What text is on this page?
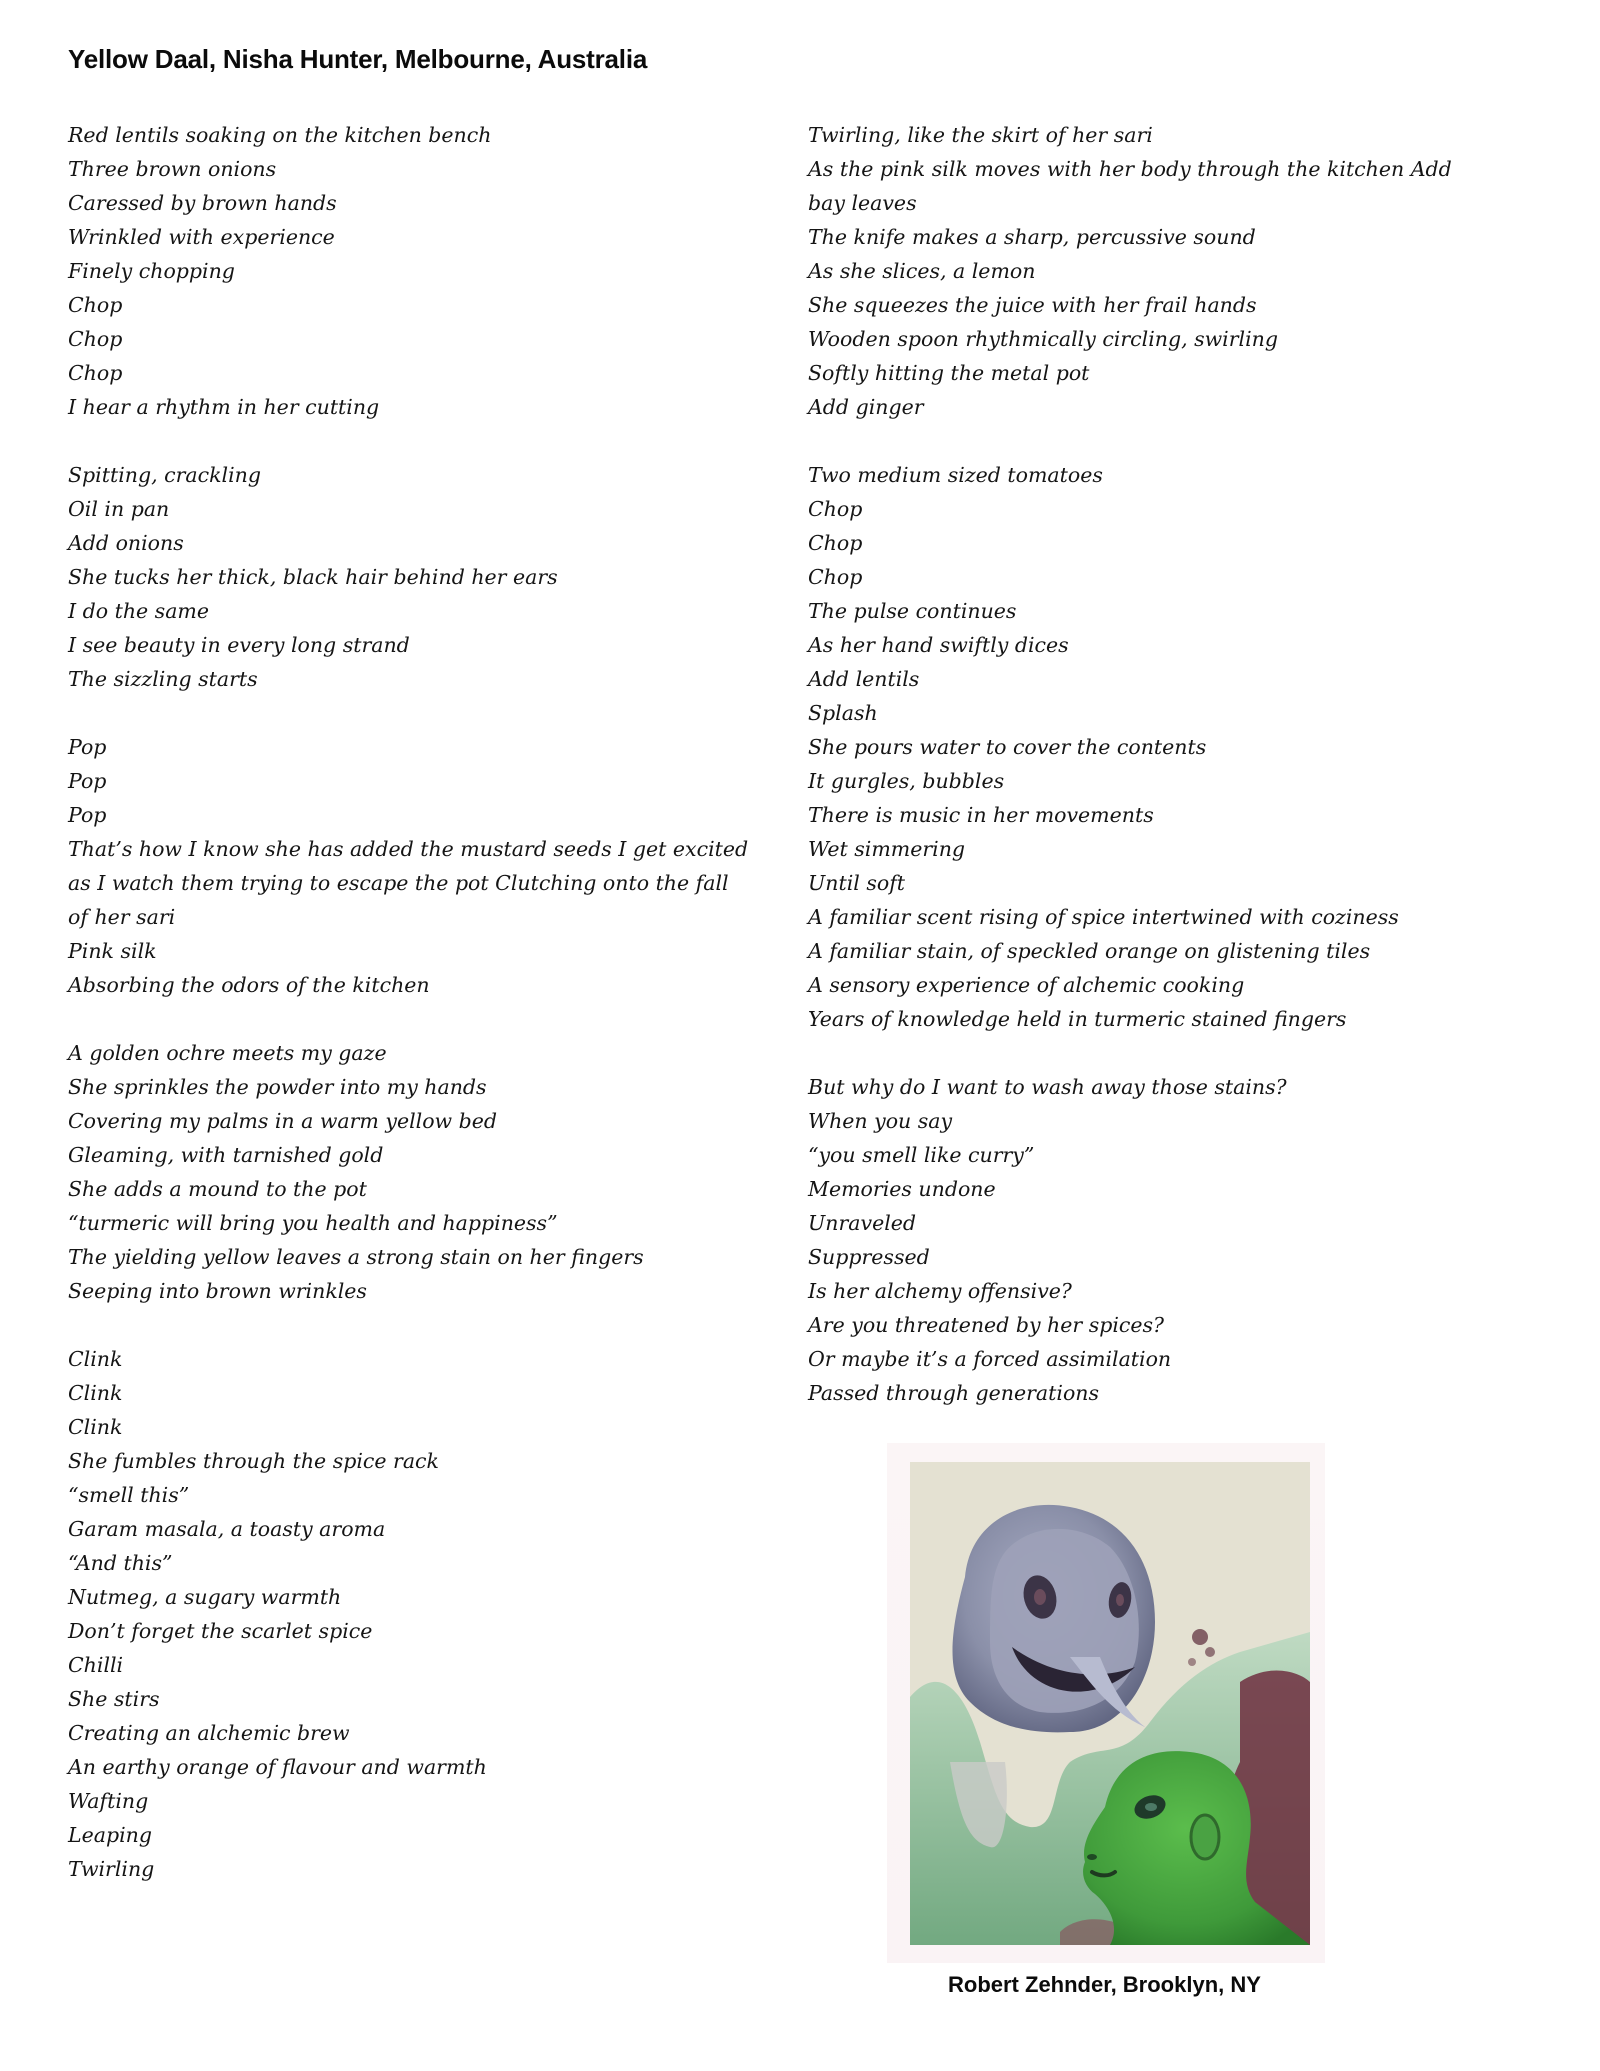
Yellow Daal, Nisha Hunter, Melbourne, Australia
Red lentils soaking on the kitchen bench
Three brown onions
Caressed by brown hands
Wrinkled with experience
Finely chopping
Chop
Chop
Chop
I hear a rhythm in her cutting
Spitting, crackling
Oil in pan
Add onions
She tucks her thick, black hair behind her ears
I do the same
I see beauty in every long strand
The sizzling starts
Pop
Pop
Pop
That’s how I know she has added the mustard seeds I get excited
as I watch them trying to escape the pot Clutching onto the fall
of her sari
Pink silk
Absorbing the odors of the kitchen
A golden ochre meets my gaze
She sprinkles the powder into my hands
Covering my palms in a warm yellow bed
Gleaming, with tarnished gold
She adds a mound to the pot
“turmeric will bring you health and happiness”
The yielding yellow leaves a strong stain on her fingers
Seeping into brown wrinkles
Clink
Clink
Clink
She fumbles through the spice rack
“smell this”
Garam masala, a toasty aroma
“And this”
Nutmeg, a sugary warmth
Don’t forget the scarlet spice
Chilli
She stirs
Creating an alchemic brew
An earthy orange of flavour and warmth
Wafting
Leaping
Twirling
Twirling, like the skirt of her sari
As the pink silk moves with her body through the kitchen Add
bay leaves
The knife makes a sharp, percussive sound
As she slices, a lemon
She squeezes the juice with her frail hands
Wooden spoon rhythmically circling, swirling
Softly hitting the metal pot
Add ginger
Two medium sized tomatoes
Chop
Chop
Chop
The pulse continues
As her hand swiftly dices
Add lentils
Splash
She pours water to cover the contents
It gurgles, bubbles
There is music in her movements
Wet simmering
Until soft
A familiar scent rising of spice intertwined with coziness
A familiar stain, of speckled orange on glistening tiles
A sensory experience of alchemic cooking
Years of knowledge held in turmeric stained fingers
But why do I want to wash away those stains?
When you say
“you smell like curry”
Memories undone
Unraveled
Suppressed
Is her alchemy offensive?
Are you threatened by her spices?
Or maybe it’s a forced assimilation
Passed through generations

Robert Zehnder, Brooklyn, NY
